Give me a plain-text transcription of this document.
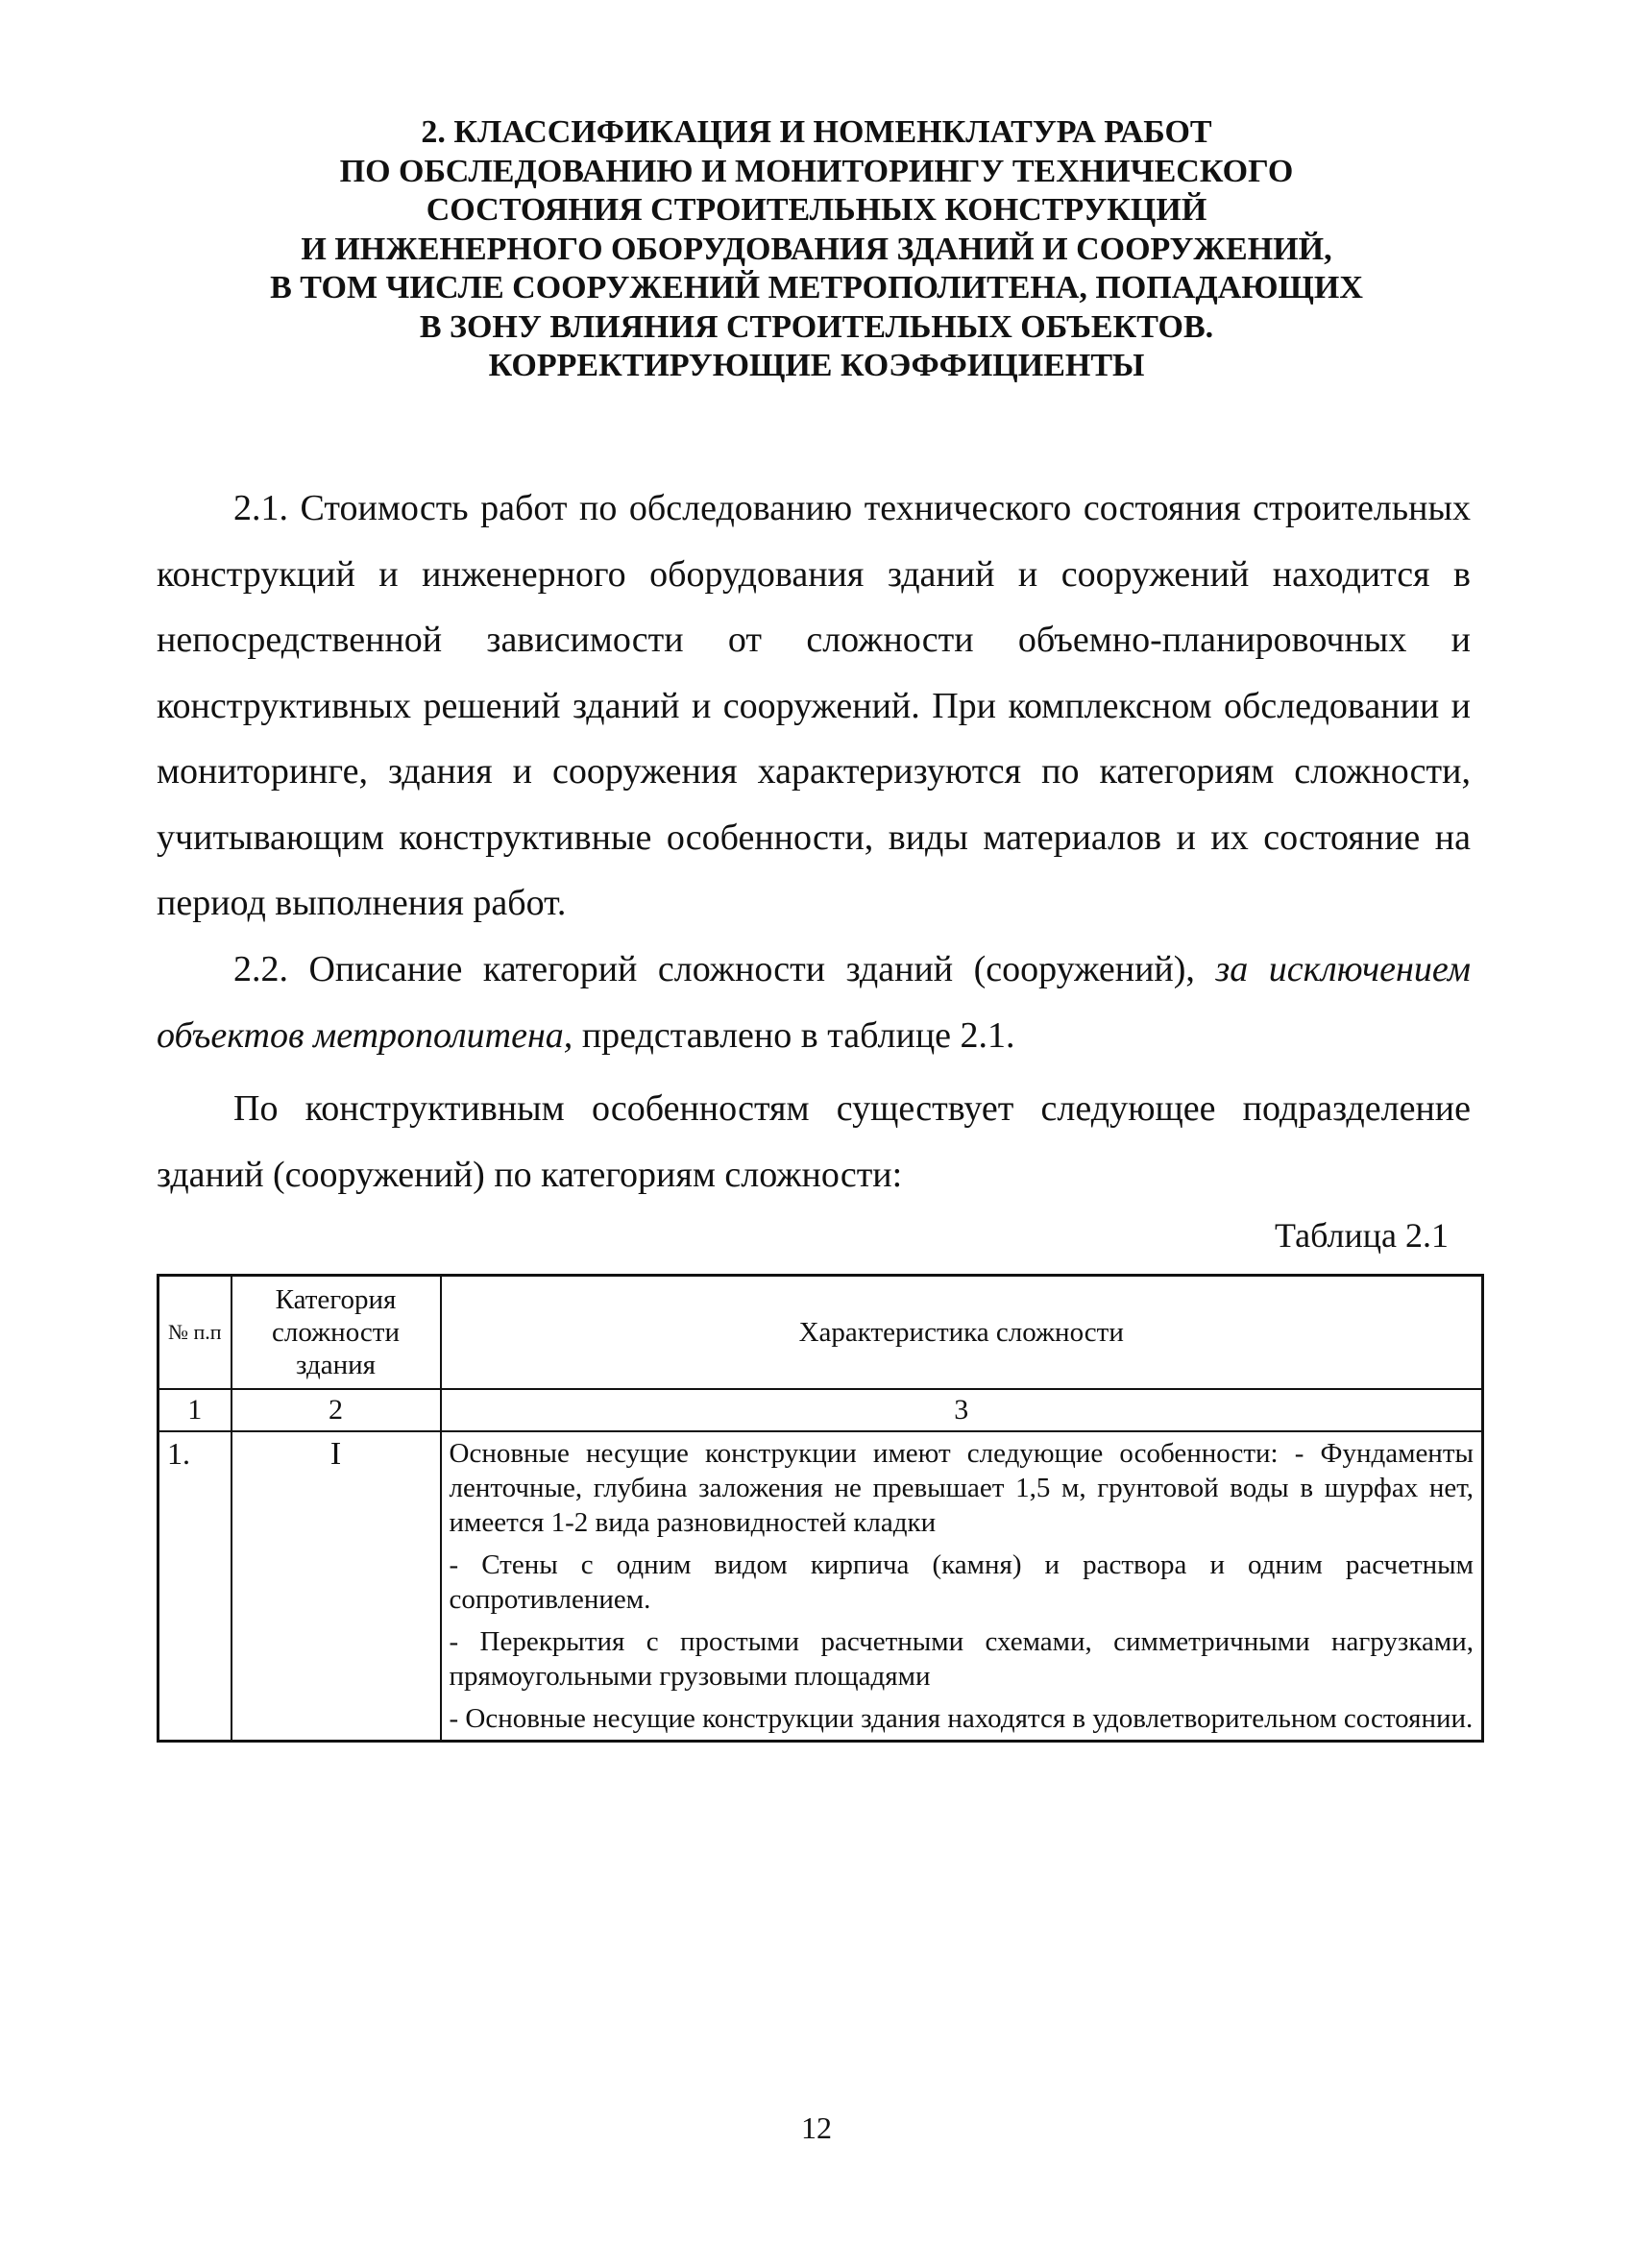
2. КЛАССИФИКАЦИЯ И НОМЕНКЛАТУРА РАБОТ
ПО ОБСЛЕДОВАНИЮ И МОНИТОРИНГУ ТЕХНИЧЕСКОГО
СОСТОЯНИЯ СТРОИТЕЛЬНЫХ КОНСТРУКЦИЙ
И ИНЖЕНЕРНОГО ОБОРУДОВАНИЯ ЗДАНИЙ И СООРУЖЕНИЙ,
В ТОМ ЧИСЛЕ СООРУЖЕНИЙ МЕТРОПОЛИТЕНА, ПОПАДАЮЩИХ
В ЗОНУ ВЛИЯНИЯ СТРОИТЕЛЬНЫХ ОБЪЕКТОВ.
КОРРЕКТИРУЮЩИЕ КОЭФФИЦИЕНТЫ

2.1. Стоимость работ по обследованию технического состояния строительных конструкций и инженерного оборудования зданий и сооружений находится в непосредственной зависимости от сложности объемно-планировочных и конструктивных решений зданий и сооружений. При комплексном обследовании и мониторинге, здания и сооружения характеризуются по категориям сложности, учитывающим конструктивные особенности, виды материалов и их состояние на период выполнения работ.

2.2. Описание категорий сложности зданий (сооружений), за исключением объектов метрополитена, представлено в таблице 2.1.

По конструктивным особенностям существует следующее подразделение зданий (сооружений) по категориям сложности:

Таблица 2.1
№ п.п	Категория сложности здания	Характеристика сложности
1	2	3
1.	I	Основные несущие конструкции имеют следующие особенности: - Фундаменты ленточные, глубина заложения не превышает 1,5 м, грунтовой воды в шурфах нет, имеется 1-2 вида разновидностей кладки

- Стены с одним видом кирпича (камня) и раствора и одним расчетным сопротивлением.

- Перекрытия с простыми расчетными схемами, симметричными нагрузками, прямоугольными грузовыми площадями

- Основные несущие конструкции здания находятся в удовлетворительном состоянии.

12
